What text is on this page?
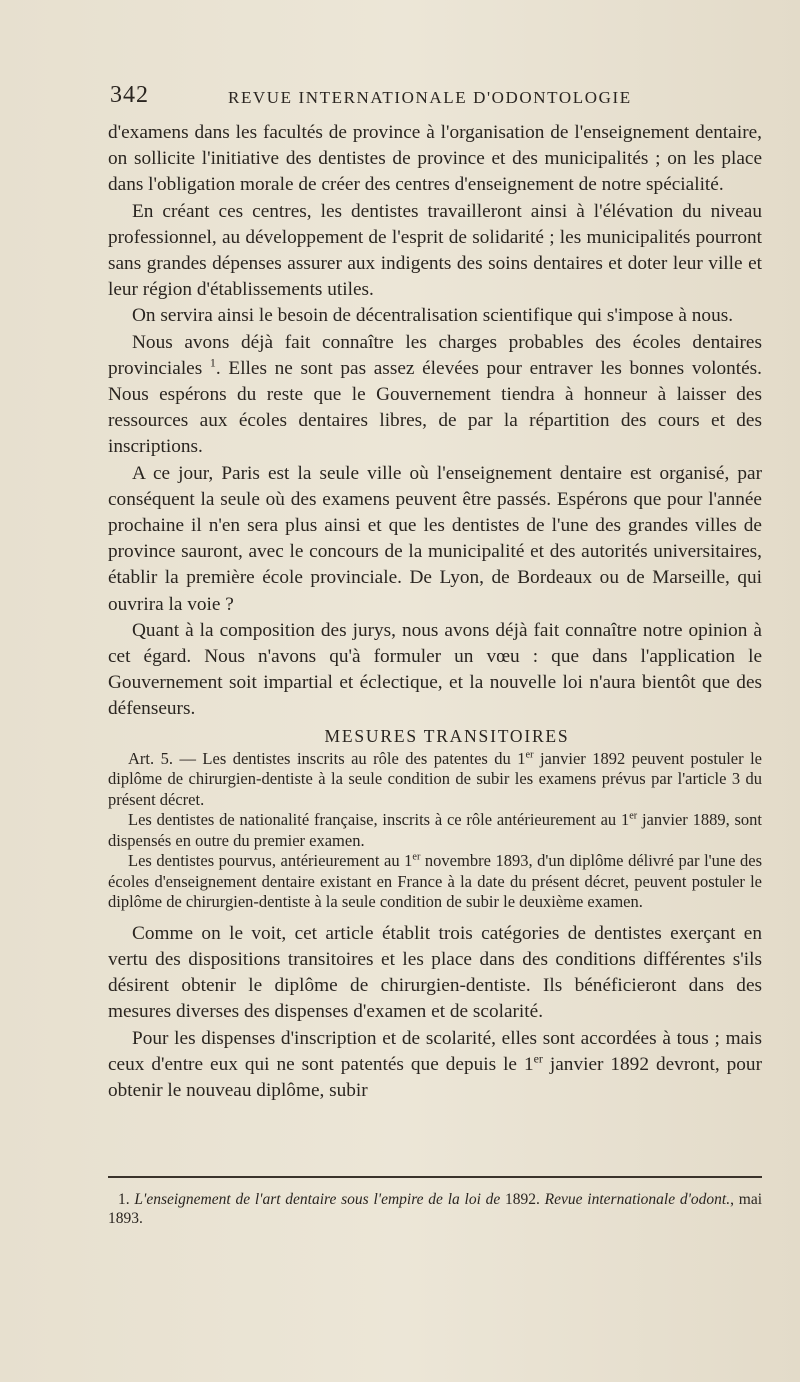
342	REVUE INTERNATIONALE D'ODONTOLOGIE

d'examens dans les facultés de province à l'organisation de l'enseignement dentaire, on sollicite l'initiative des dentistes de province et des municipalités ; on les place dans l'obligation morale de créer des centres d'enseignement de notre spécialité.

En créant ces centres, les dentistes travailleront ainsi à l'élévation du niveau professionnel, au développement de l'esprit de solidarité ; les municipalités pourront sans grandes dépenses assurer aux indigents des soins dentaires et doter leur ville et leur région d'établissements utiles.

On servira ainsi le besoin de décentralisation scientifique qui s'impose à nous.

Nous avons déjà fait connaître les charges probables des écoles dentaires provinciales $^1$. Elles ne sont pas assez élevées pour entraver les bonnes volontés. Nous espérons du reste que le Gouvernement tiendra à honneur à laisser des ressources aux écoles dentaires libres, de par la répartition des cours et des inscriptions.

A ce jour, Paris est la seule ville où l'enseignement dentaire est organisé, par conséquent la seule où des examens peuvent être passés. Espérons que pour l'année prochaine il n'en sera plus ainsi et que les dentistes de l'une des grandes villes de province sauront, avec le concours de la municipalité et des autorités universitaires, établir la première école provinciale. De Lyon, de Bordeaux ou de Marseille, qui ouvrira la voie ?

Quant à la composition des jurys, nous avons déjà fait connaître notre opinion à cet égard. Nous n'avons qu'à formuler un vœu : que dans l'application le Gouvernement soit impartial et éclectique, et la nouvelle loi n'aura bientôt que des défenseurs.

MESURES TRANSITOIRES

Art. 5. — Les dentistes inscrits au rôle des patentes du 1er janvier 1892 peuvent postuler le diplôme de chirurgien-dentiste à la seule condition de subir les examens prévus par l'article 3 du présent décret.

Les dentistes de nationalité française, inscrits à ce rôle antérieurement au 1er janvier 1889, sont dispensés en outre du premier examen.

Les dentistes pourvus, antérieurement au 1er novembre 1893, d'un diplôme délivré par l'une des écoles d'enseignement dentaire existant en France à la date du présent décret, peuvent postuler le diplôme de chirurgien-dentiste à la seule condition de subir le deuxième examen.

Comme on le voit, cet article établit trois catégories de dentistes exerçant en vertu des dispositions transitoires et les place dans des conditions différentes s'ils désirent obtenir le diplôme de chirurgien-dentiste. Ils bénéficieront dans des mesures diverses des dispenses d'examen et de scolarité.

Pour les dispenses d'inscription et de scolarité, elles sont accordées à tous ; mais ceux d'entre eux qui ne sont patentés que depuis le 1er janvier 1892 devront, pour obtenir le nouveau diplôme, subir

1. L'enseignement de l'art dentaire sous l'empire de la loi de 1892. Revue internationale d'odont., mai 1893.
